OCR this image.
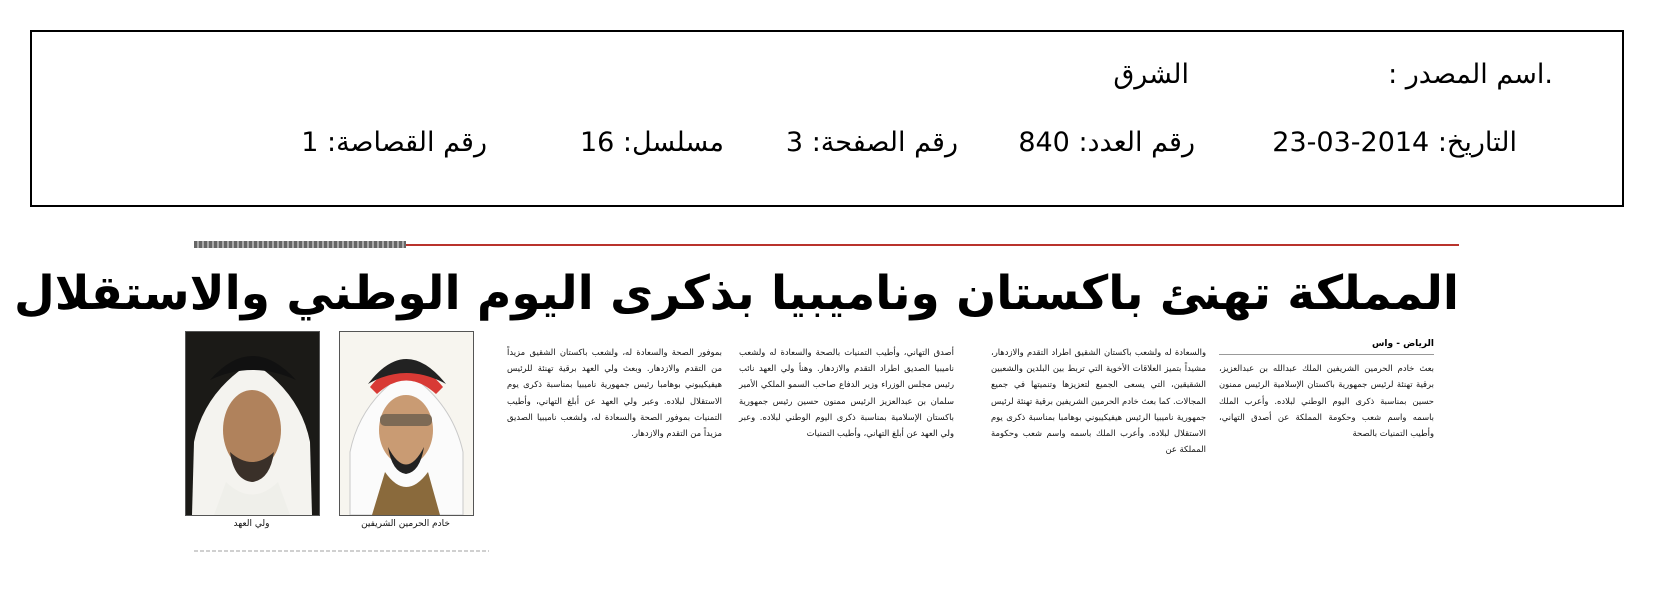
.اسم المصدر :
الشرق
التاريخ: 2014-03-23
رقم العدد: 840
رقم الصفحة: 3
مسلسل: 16
رقم القصاصة: 1
المملكة تهنئ باكستان وناميبيا بذكرى اليوم الوطني والاستقلال
الرياض - واس

بعث خادم الحرمين الشريفين الملك عبدالله بن عبدالعزيز، برقية تهنئة لرئيس جمهورية باكستان الإسلامية الرئيس ممنون حسين بمناسبة ذكرى اليوم الوطني لبلاده. وأعرب الملك باسمه واسم شعب وحكومة المملكة عن أصدق التهاني، وأطيب التمنيات بالصحة

والسعادة له ولشعب باكستان الشقيق اطراد التقدم والازدهار، مشيداً بتميز العلاقات الأخوية التي تربط بين البلدين والشعبين الشقيقين، التي يسعى الجميع لتعزيزها وتنميتها في جميع المجالات. كما بعث خادم الحرمين الشريفين برقية تهنئة لرئيس جمهورية ناميبيا الرئيس هيفيكيبوني بوهامبا بمناسبة ذكرى يوم الاستقلال لبلاده. وأعرب الملك باسمه واسم شعب وحكومة المملكة عن

أصدق التهاني، وأطيب التمنيات بالصحة والسعادة له ولشعب ناميبيا الصديق اطراد التقدم والازدهار. وهنأ ولي العهد نائب رئيس مجلس الوزراء وزير الدفاع صاحب السمو الملكي الأمير سلمان بن عبدالعزيز الرئيس ممنون حسين رئيس جمهورية باكستان الإسلامية بمناسبة ذكرى اليوم الوطني لبلاده. وعبر ولي العهد عن أبلغ التهاني، وأطيب التمنيات

بموفور الصحة والسعادة له، ولشعب باكستان الشقيق مزيداً من التقدم والازدهار. وبعث ولي العهد برقية تهنئة للرئيس هيفيكيبوني بوهامبا رئيس جمهورية ناميبيا بمناسبة ذكرى يوم الاستقلال لبلاده. وعبر ولي العهد عن أبلغ التهاني، وأطيب التمنيات بموفور الصحة والسعادة له، ولشعب ناميبيا الصديق مزيداً من التقدم والازدهار.

خادم الحرمين الشريفين
ولي العهد
